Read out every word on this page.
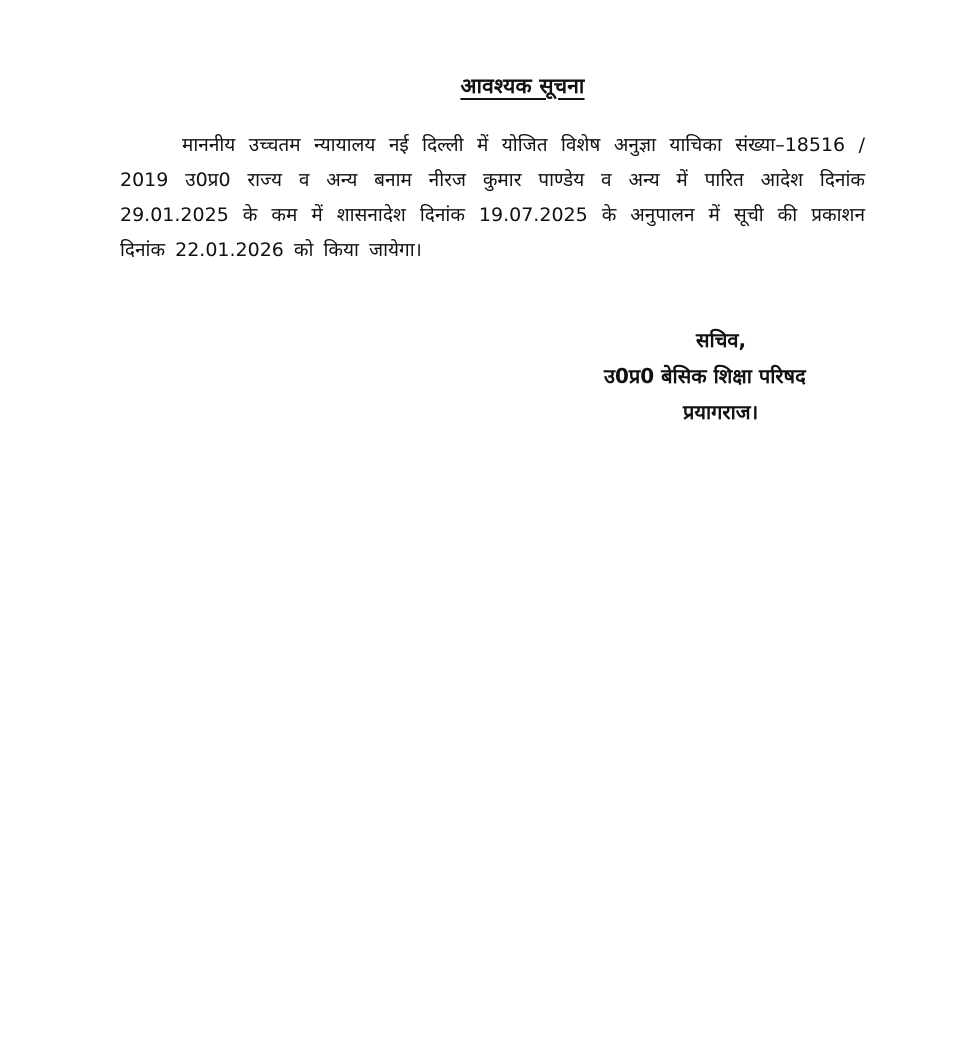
आवश्यक सूचना

माननीय उच्चतम न्यायालय नई दिल्ली में योजित विशेष अनुज्ञा याचिका संख्या–18516 / 2019 उ0प्र0 राज्य व अन्य बनाम नीरज कुमार पाण्डेय व अन्य में पारित आदेश दिनांक 29.01.2025 के कम में शासनादेश दिनांक 19.07.2025 के अनुपालन में सूची की प्रकाशन दिनांक 22.01.2026 को किया जायेगा।

सचिव,
उ0प्र0 बेसिक शिक्षा परिषद
प्रयागराज।
